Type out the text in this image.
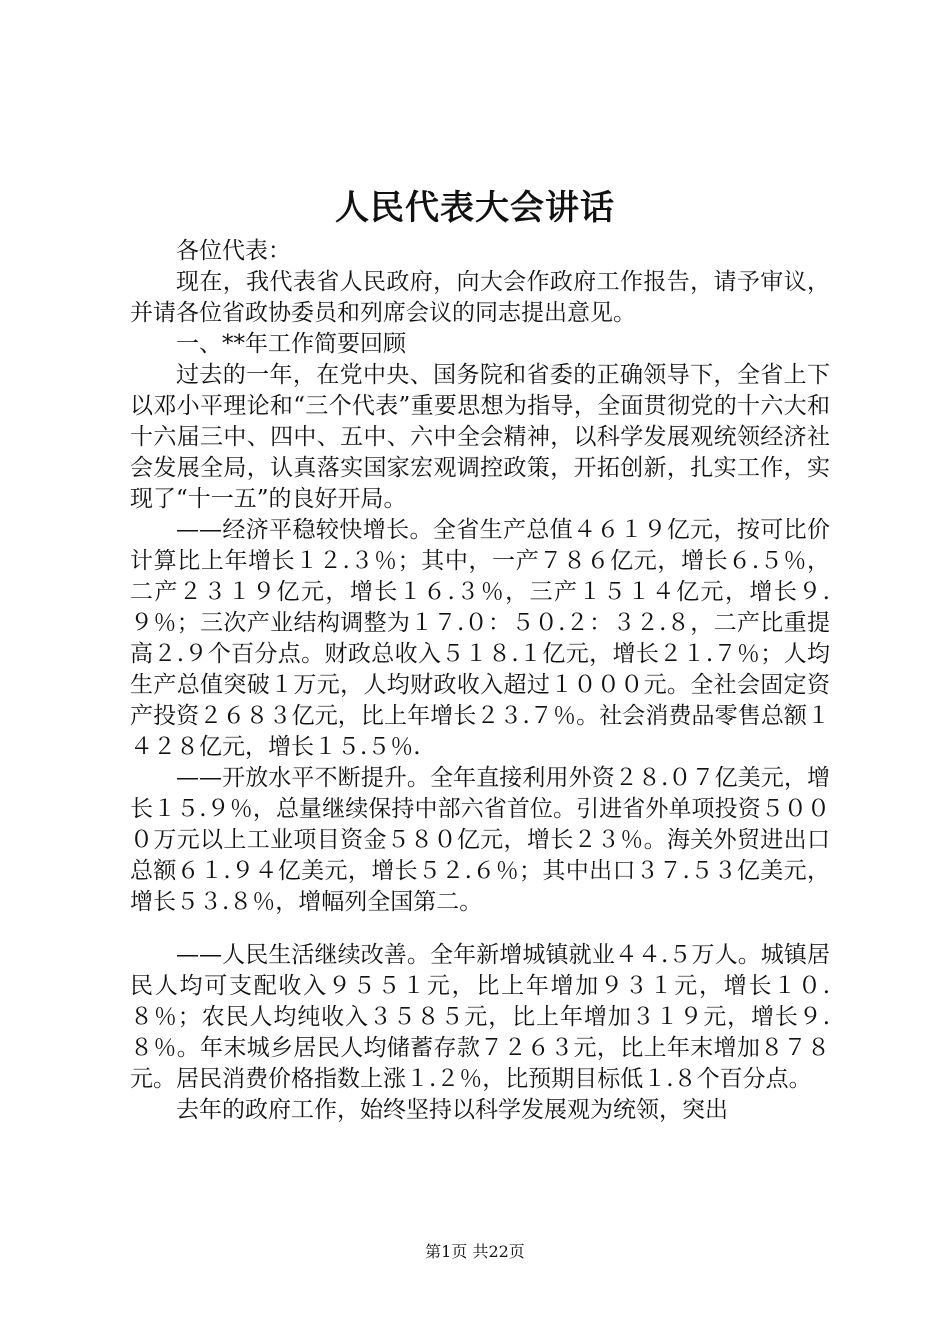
人民代表大会讲话

各位代表：

现在，我代表省人民政府，向大会作政府工作报告，请予审议，并请各位省政协委员和列席会议的同志提出意见。

一、**年工作简要回顾

过去的一年，在党中央、国务院和省委的正确领导下，全省上下以邓小平理论和“三个代表”重要思想为指导，全面贯彻党的十六大和十六届三中、四中、五中、六中全会精神，以科学发展观统领经济社会发展全局，认真落实国家宏观调控政策，开拓创新，扎实工作，实现了“十一五”的良好开局。

——经济平稳较快增长。全省生产总值４６１９亿元，按可比价计算比上年增长１２.３％；其中，一产７８６亿元，增长６.５％，二产２３１９亿元，增长１６.３％，三产１５１４亿元，增长９.９％；三次产业结构调整为１７.０：５０.２：３２.８，二产比重提高２.９个百分点。财政总收入５１８.１亿元，增长２１.７％；人均生产总值突破１万元，人均财政收入超过１０００元。全社会固定资产投资２６８３亿元，比上年增长２３.７％。社会消费品零售总额１４２８亿元，增长１５.５％.

——开放水平不断提升。全年直接利用外资２８.０７亿美元，增长１５.９％，总量继续保持中部六省首位。引进省外单项投资５０００万元以上工业项目资金５８０亿元，增长２３％。海关外贸进出口总额６１.９４亿美元，增长５２.６％；其中出口３７.５３亿美元，增长５３.８％，增幅列全国第二。

——人民生活继续改善。全年新增城镇就业４４.５万人。城镇居民人均可支配收入９５５１元，比上年增加９３１元，增长１０.８％；农民人均纯收入３５８５元，比上年增加３１９元，增长９.８％。年末城乡居民人均储蓄存款７２６３元，比上年末增加８７８元。居民消费价格指数上涨１.２％，比预期目标低１.８个百分点。

去年的政府工作，始终坚持以科学发展观为统领，突出

第1页 共22页
